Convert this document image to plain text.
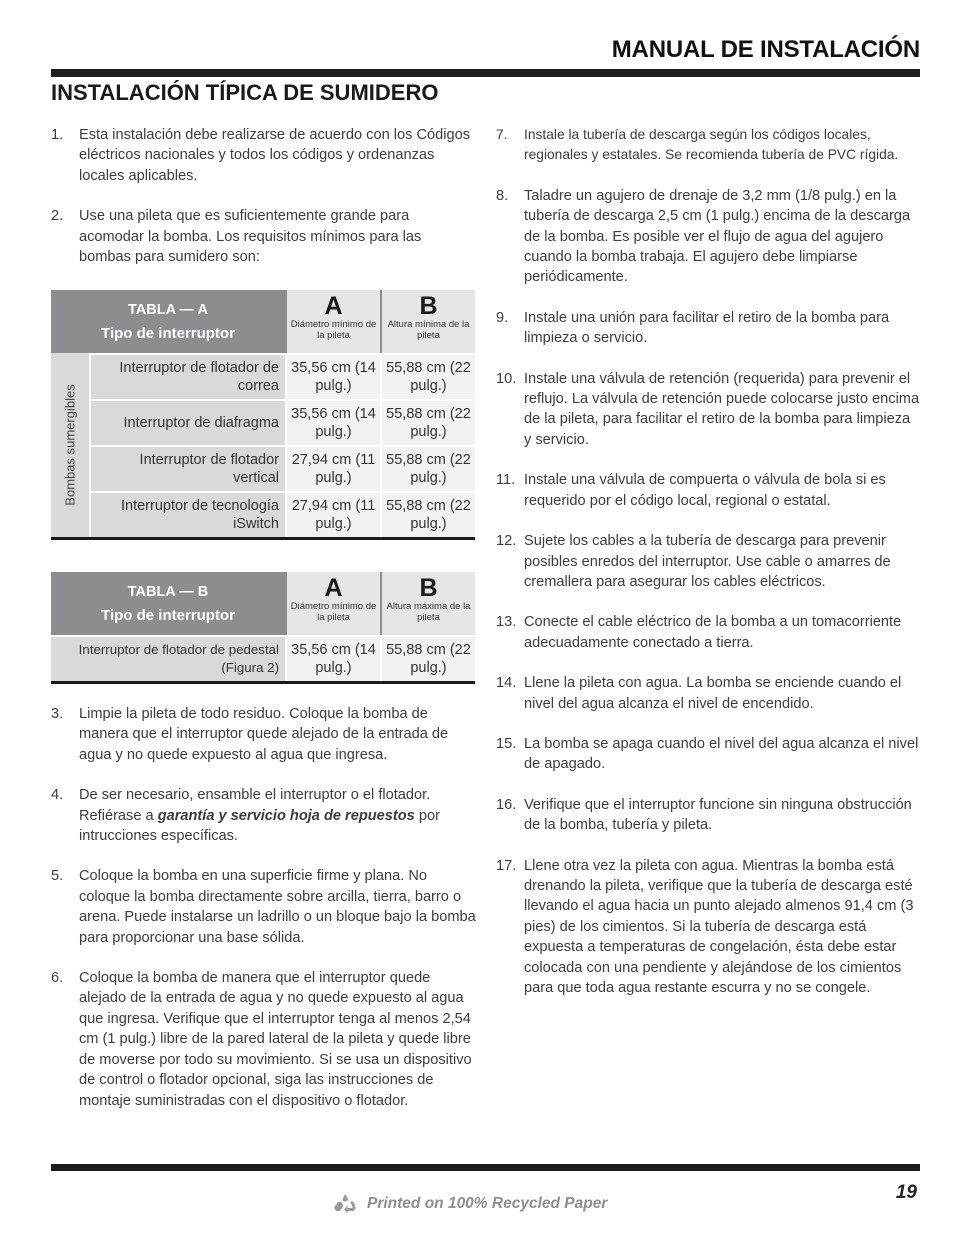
MANUAL DE INSTALACIÓN
INSTALACIÓN TÍPICA DE SUMIDERO
1. Esta instalación debe realizarse de acuerdo con los Códigos eléctricos nacionales y todos los códigos y ordenanzas locales aplicables.
2. Use una pileta que es suficientemente grande para acomodar la bomba. Los requisitos mínimos para las bombas para sumidero son:
TABLA — A
Tipo de interruptor
A
Diámetro mínimo de la pileta
B
Altura mínima de la pileta
Bombas sumergibles
Interruptor de flotador de correa
35,56 cm (14 pulg.)
55,88 cm (22 pulg.)
Interruptor de diafragma
35,56 cm (14 pulg.)
55,88 cm (22 pulg.)
Interruptor de flotador vertical
27,94 cm (11 pulg.)
55,88 cm (22 pulg.)
Interruptor de tecnología iSwitch
27,94 cm (11 pulg.)
55,88 cm (22 pulg.)
TABLA — B
Tipo de interruptor
A
Diámetro mínimo de la pileta
B
Altura máxima de la pileta
Interruptor de flotador de pedestal (Figura 2)
35,56 cm (14 pulg.)
55,88 cm (22 pulg.)
3. Limpie la pileta de todo residuo. Coloque la bomba de manera que el interruptor quede alejado de la entrada de agua y no quede expuesto al agua que ingresa.
4. De ser necesario, ensamble el interruptor o el flotador. Refiérase a garantía y servicio hoja de repuestos por intrucciones específicas.
5. Coloque la bomba en una superficie firme y plana. No coloque la bomba directamente sobre arcilla, tierra, barro o arena. Puede instalarse un ladrillo o un bloque bajo la bomba para proporcionar una base sólida.
6. Coloque la bomba de manera que el interruptor quede alejado de la entrada de agua y no quede expuesto al agua que ingresa. Verifique que el interruptor tenga al menos 2,54 cm (1 pulg.) libre de la pared lateral de la pileta y quede libre de moverse por todo su movimiento. Si se usa un dispositivo de control o flotador opcional, siga las instrucciones de montaje suministradas con el dispositivo o flotador.
7. Instale la tubería de descarga según los códigos locales, regionales y estatales. Se recomienda tubería de PVC rígida.
8. Taladre un agujero de drenaje de 3,2 mm (1/8 pulg.) en la tubería de descarga 2,5 cm (1 pulg.) encima de la descarga de la bomba. Es posible ver el flujo de agua del agujero cuando la bomba trabaja. El agujero debe limpiarse periódicamente.
9. Instale una unión para facilitar el retiro de la bomba para limpieza o servicio.
10. Instale una válvula de retención (requerida) para prevenir el reflujo. La válvula de retención puede colocarse justo encima de la pileta, para facilitar el retiro de la bomba para limpieza y servicio.
11. Instale una válvula de compuerta o válvula de bola si es requerido por el código local, regional o estatal.
12. Sujete los cables a la tubería de descarga para prevenir posibles enredos del interruptor. Use cable o amarres de cremallera para asegurar los cables eléctricos.
13. Conecte el cable eléctrico de la bomba a un tomacorriente adecuadamente conectado a tierra.
14. Llene la pileta con agua. La bomba se enciende cuando el nivel del agua alcanza el nivel de encendido.
15. La bomba se apaga cuando el nivel del agua alcanza el nivel de apagado.
16. Verifique que el interruptor funcione sin ninguna obstrucción de la bomba, tubería y pileta.
17. Llene otra vez la pileta con agua. Mientras la bomba está drenando la pileta, verifique que la tubería de descarga esté llevando el agua hacia un punto alejado almenos 91,4 cm (3 pies) de los cimientos. Si la tubería de descarga está expuesta a temperaturas de congelación, ésta debe estar colocada con una pendiente y alejándose de los cimientos para que toda agua restante escurra y no se congele.
Printed on 100% Recycled Paper
19
